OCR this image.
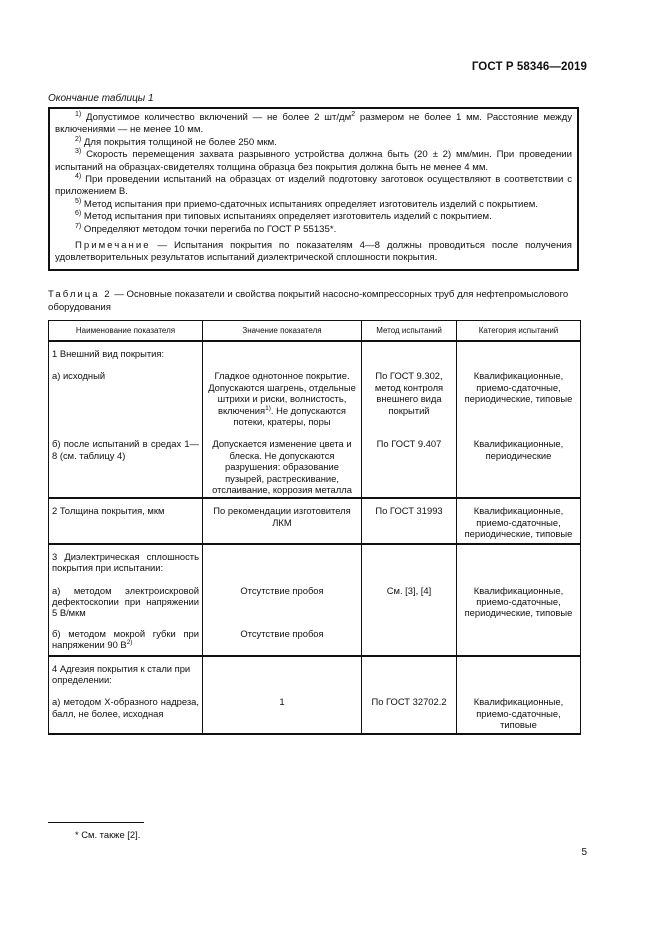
ГОСТ Р 58346—2019
Окончание таблицы 1

$^{1)}$ Допустимое количество включений — не более 2 $шт/дм^2$ размером не более 1 мм. Расстояние между включениями — не менее 10 мм.

$^{2)}$ Для покрытия толщиной не более 250 мкм.

$^{3)}$ Скорость перемещения захвата разрывного устройства должна быть (20 ± 2) мм/мин. При проведении испытаний на образцах-свидетелях толщина образца без покрытия должна быть не менее 4 мм.

$^{4)}$ При проведении испытаний на образцах от изделий подготовку заготовок осуществляют в соответствии с приложением В.

$^{5)}$ Метод испытания при приемо-сдаточных испытаниях определяет изготовитель изделий с покрытием.

$^{6)}$ Метод испытания при типовых испытаниях определяет изготовитель изделий с покрытием.

$^{7)}$ Определяют методом точки перегиба по ГОСТ Р 55135*.

Примечание — Испытания покрытия по показателям 4—8 должны проводиться после получения удовлетворительных результатов испытаний диэлектрической сплошности покрытия.

Таблица 2 — Основные показатели и свойства покрытий насосно-компрессорных труб для нефтепромыслового оборудования
Наименование показателя	Значение показателя	Метод испытаний	Категория испытаний
1 Внешний вид покрытия:			
а) исходный	Гладкое однотонное покрытие. Допускаются шагрень, отдельные штрихи и риски, волнистость, включения$^{1)}$. Не допускаются потеки, кратеры, поры	По ГОСТ 9.302, метод контроля внешнего вида покрытий	Квалификационные, приемо-сдаточные, периодические, типовые
б) после испытаний в средах 1—8 (см. таблицу 4)	Допускается изменение цвета и блеска. Не допускаются разрушения: образование пузырей, растрескивание, отслаивание, коррозия металла	По ГОСТ 9.407	Квалификационные, периодические
2 Толщина покрытия, мкм	По рекомендации изготовителя ЛКМ	По ГОСТ 31993	Квалификационные, приемо-сдаточные, периодические, типовые
3 Диэлектрическая сплошность покрытия при испытании:			
а) методом электроискровой дефектоскопии при напряжении 5 В/мкм	Отсутствие пробоя	См. [3], [4]	Квалификационные, приемо-сдаточные, периодические, типовые
б) методом мокрой губки при напряжении 90 В$^{2)}$	Отсутствие пробоя		
4 Адгезия покрытия к стали при определении:			
а) методом Х-образного надреза, балл, не более, исходная	1	По ГОСТ 32702.2	Квалификационные, приемо-сдаточные, типовые
* См. также [2].
5
